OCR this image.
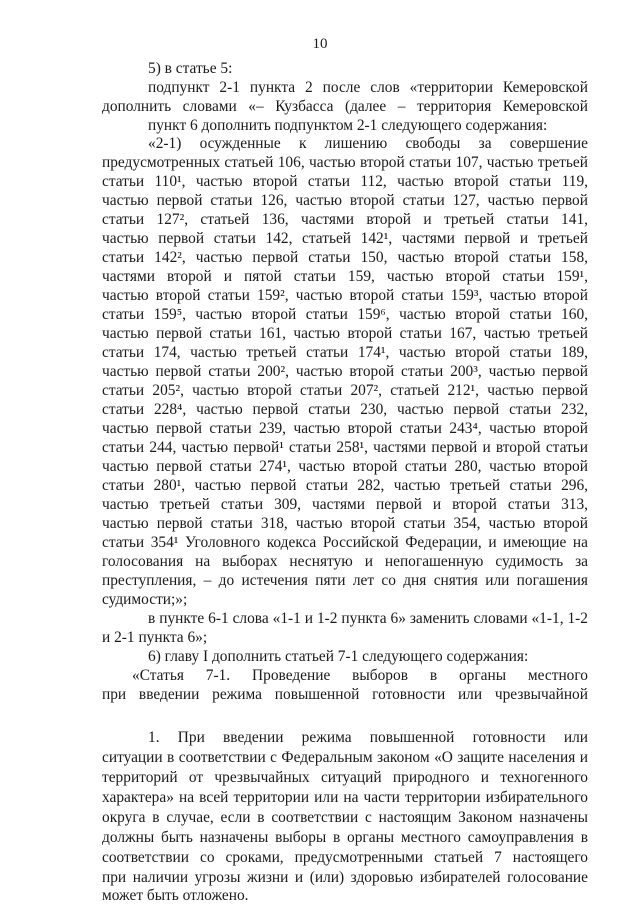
10
5) в статье 5:
подпункт 2-1 пункта 2 после слов «территории Кемеровской
дополнить словами «– Кузбасса (далее – территория Кемеровской
пункт 6 дополнить подпунктом 2-1 следующего содержания:
«2-1) осужденные к лишению свободы за совершение
предусмотренных статьей 106, частью второй статьи 107, частью третьей
статьи 110¹, частью второй статьи 112, частью второй статьи 119,
частью первой статьи 126, частью второй статьи 127, частью первой
статьи 127², статьей 136, частями второй и третьей статьи 141,
частью первой статьи 142, статьей 142¹, частями первой и третьей
статьи 142², частью первой статьи 150, частью второй статьи 158,
частями второй и пятой статьи 159, частью второй статьи 159¹,
частью второй статьи 159², частью второй статьи 159³, частью второй
статьи 159⁵, частью второй статьи 159⁶, частью второй статьи 160,
частью первой статьи 161, частью второй статьи 167, частью третьей
статьи 174, частью третьей статьи 174¹, частью второй статьи 189,
частью первой статьи 200², частью второй статьи 200³, частью первой
статьи 205², частью второй статьи 207², статьей 212¹, частью первой
статьи 228⁴, частью первой статьи 230, частью первой статьи 232,
частью первой статьи 239, частью второй статьи 243⁴, частью второй
статьи 244, частью первой¹ статьи 258¹, частями первой и второй статьи
частью первой статьи 274¹, частью второй статьи 280, частью второй
статьи 280¹, частью первой статьи 282, частью третьей статьи 296,
частью третьей статьи 309, частями первой и второй статьи 313,
частью первой статьи 318, частью второй статьи 354, частью второй
статьи 354¹ Уголовного кодекса Российской Федерации, и имеющие на
голосования на выборах неснятую и непогашенную судимость за
преступления, – до истечения пяти лет со дня снятия или погашения
судимости;»;
в пункте 6-1 слова «1-1 и 1-2 пункта 6» заменить словами «1-1, 1-2
и 2-1 пункта 6»;
6) главу I дополнить статьей 7-1 следующего содержания:
«Статья 7-1. Проведение выборов в органы местного
при введении режима повышенной готовности или чрезвычайной
1. При введении режима повышенной готовности или
ситуации в соответствии с Федеральным законом «О защите населения и
территорий от чрезвычайных ситуаций природного и техногенного
характера» на всей территории или на части территории избирательного
округа в случае, если в соответствии с настоящим Законом назначены
должны быть назначены выборы в органы местного самоуправления в
соответствии со сроками, предусмотренными статьей 7 настоящего
при наличии угрозы жизни и (или) здоровью избирателей голосование
может быть отложено.
